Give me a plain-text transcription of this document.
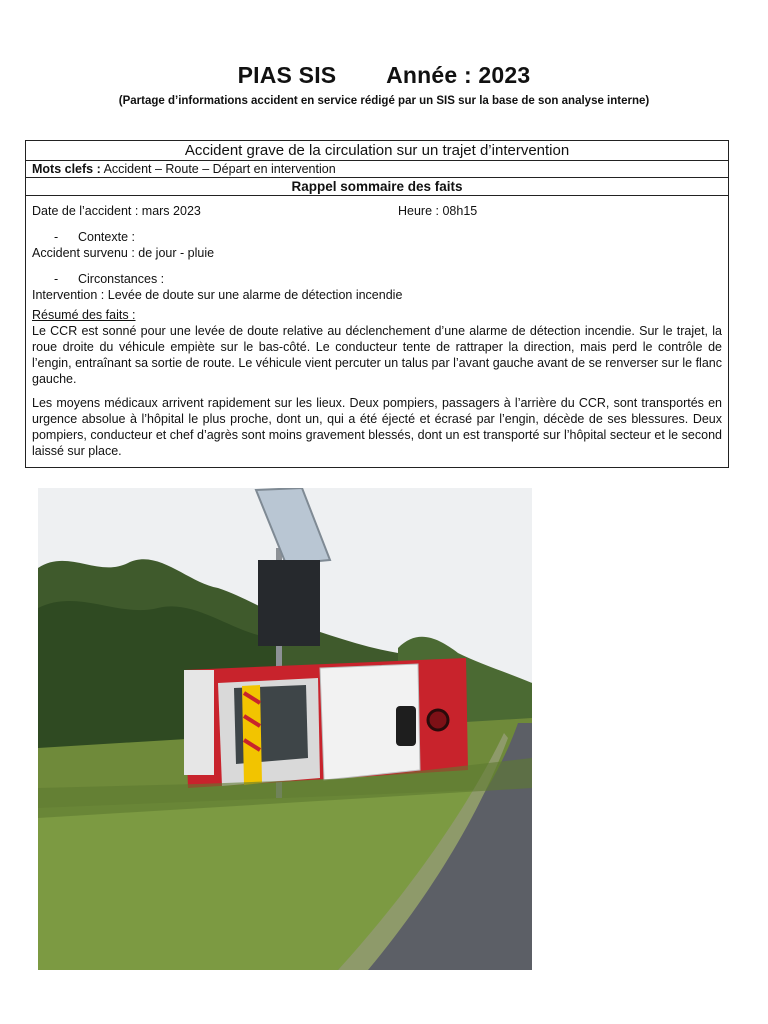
PIAS SIS Année : 2023
(Partage d’informations accident en service rédigé par un SIS sur la base de son analyse interne)
Accident grave de la circulation sur un trajet d’intervention
Mots clefs : Accident – Route – Départ en intervention
Rappel sommaire des faits
Date de l’accident : mars 2023	Heure : 08h15
- Contexte :
Accident survenu : de jour - pluie
- Circonstances :
Intervention : Levée de doute sur une alarme de détection incendie
Résumé des faits :

Le CCR est sonné pour une levée de doute relative au déclenchement d’une alarme de détection incendie. Sur le trajet, la roue droite du véhicule empiète sur le bas-côté. Le conducteur tente de rattraper la direction, mais perd le contrôle de l’engin, entraînant sa sortie de route. Le véhicule vient percuter un talus par l’avant gauche avant de se renverser sur le flanc gauche.

Les moyens médicaux arrivent rapidement sur les lieux. Deux pompiers, passagers à l’arrière du CCR, sont transportés en urgence absolue à l’hôpital le plus proche, dont un, qui a été éjecté et écrasé par l’engin, décède de ses blessures. Deux pompiers, conducteur et chef d’agrès sont moins gravement blessés, dont un est transporté sur l’hôpital secteur et le second laissé sur place.
